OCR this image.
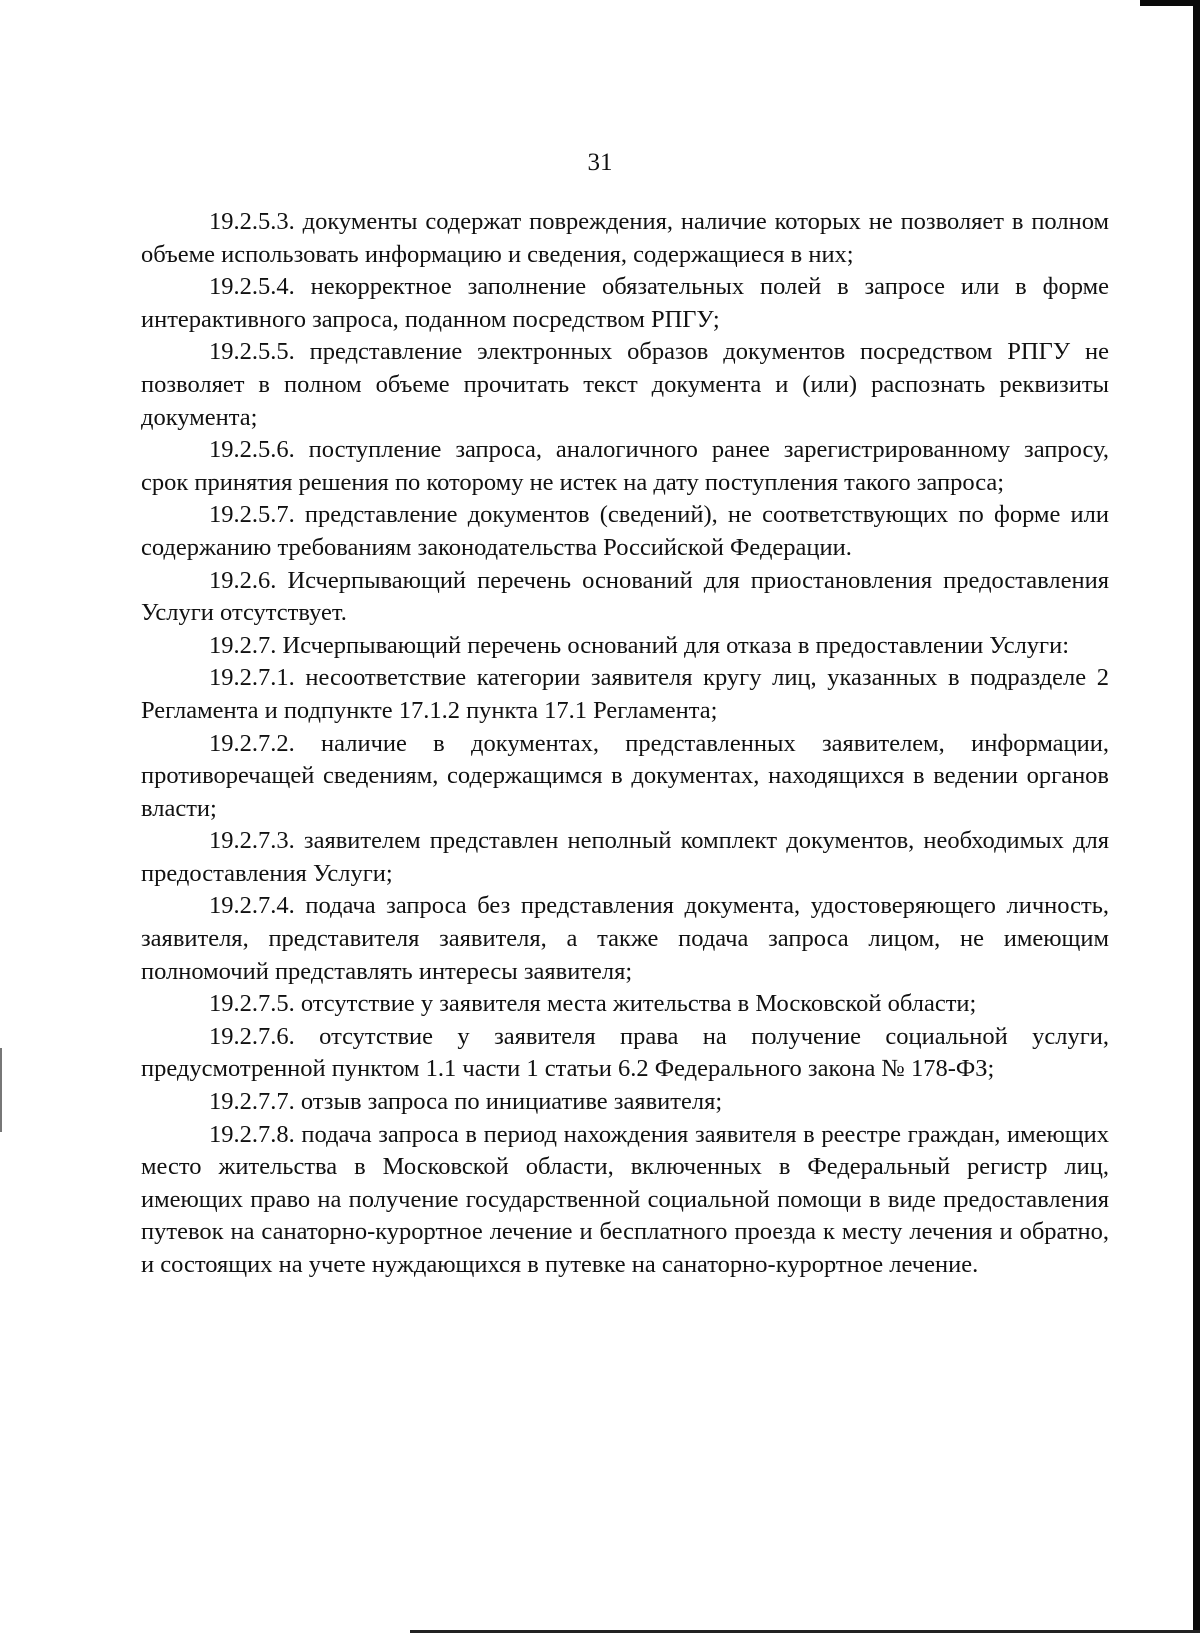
31

19.2.5.3. документы содержат повреждения, наличие которых не позволяет в полном объеме использовать информацию и сведения, содержащиеся в них;

19.2.5.4. некорректное заполнение обязательных полей в запросе или в форме интерактивного запроса, поданном посредством РПГУ;

19.2.5.5. представление электронных образов документов посредством РПГУ не позволяет в полном объеме прочитать текст документа и (или) распознать реквизиты документа;

19.2.5.6. поступление запроса, аналогичного ранее зарегистрированному запросу, срок принятия решения по которому не истек на дату поступления такого запроса;

19.2.5.7. представление документов (сведений), не соответствующих по форме или содержанию требованиям законодательства Российской Федерации.

19.2.6. Исчерпывающий перечень оснований для приостановления предоставления Услуги отсутствует.

19.2.7. Исчерпывающий перечень оснований для отказа в предоставлении Услуги:

19.2.7.1. несоответствие категории заявителя кругу лиц, указанных в подразделе 2 Регламента и подпункте 17.1.2 пункта 17.1 Регламента;

19.2.7.2. наличие в документах, представленных заявителем, информации, противоречащей сведениям, содержащимся в документах, находящихся в ведении органов власти;

19.2.7.3. заявителем представлен неполный комплект документов, необходимых для предоставления Услуги;

19.2.7.4. подача запроса без представления документа, удостоверяющего личность, заявителя, представителя заявителя, а также подача запроса лицом, не имеющим полномочий представлять интересы заявителя;

19.2.7.5. отсутствие у заявителя места жительства в Московской области;

19.2.7.6. отсутствие у заявителя права на получение социальной услуги, предусмотренной пунктом 1.1 части 1 статьи 6.2 Федерального закона № 178-ФЗ;

19.2.7.7. отзыв запроса по инициативе заявителя;

19.2.7.8. подача запроса в период нахождения заявителя в реестре граждан, имеющих место жительства в Московской области, включенных в Федеральный регистр лиц, имеющих право на получение государственной социальной помощи в виде предоставления путевок на санаторно-курортное лечение и бесплатного проезда к месту лечения и обратно, и состоящих на учете нуждающихся в путевке на санаторно-курортное лечение.
